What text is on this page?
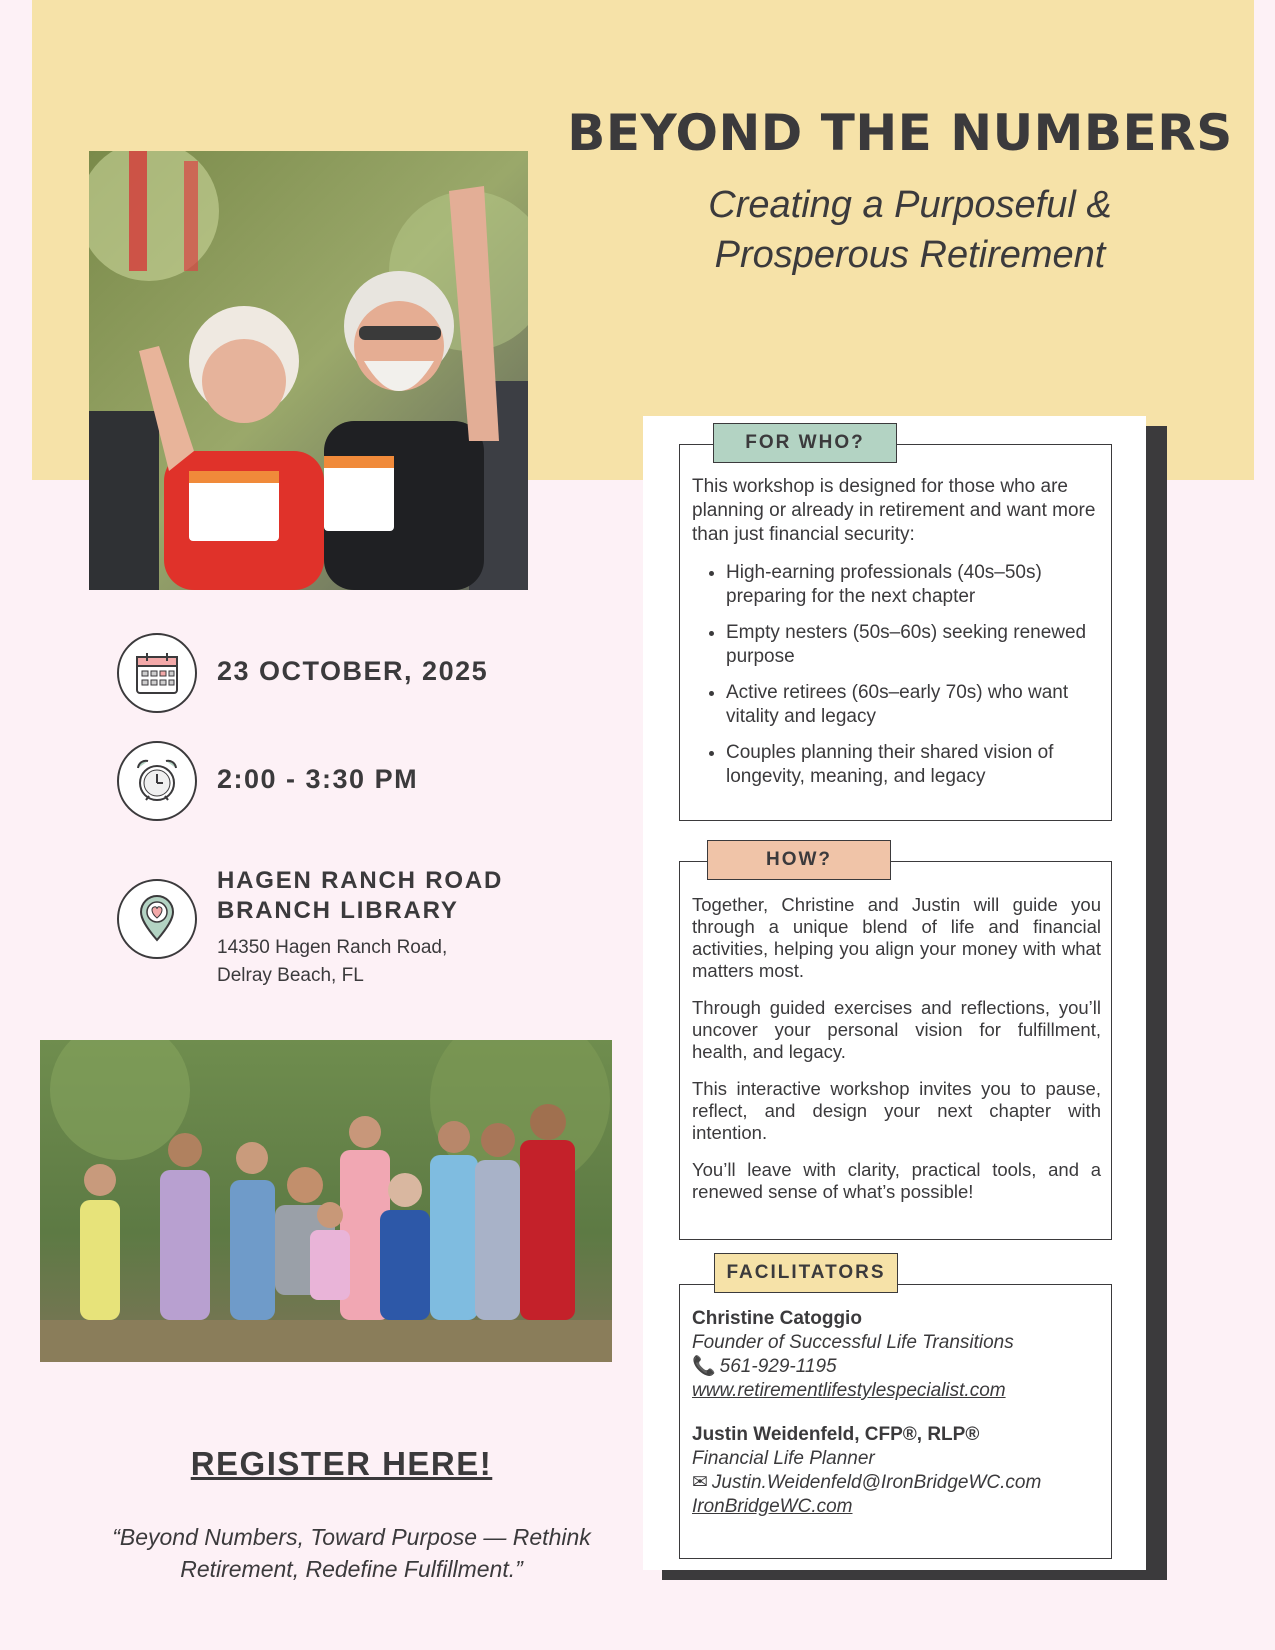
BEYOND THE NUMBERS
Creating a Purposeful &
Prosperous Retirement
23 OCTOBER, 2025
2:00 - 3:30 PM
HAGEN RANCH ROAD
BRANCH LIBRARY
14350 Hagen Ranch Road,
Delray Beach, FL
REGISTER HERE!
“Beyond Numbers, Toward Purpose — Rethink
Retirement, Redefine Fulfillment.”

This workshop is designed for those who are planning or already in retirement and want more than just financial security:

• High-earning professionals (40s–50s) preparing for the next chapter
• Empty nesters (50s–60s) seeking renewed purpose
• Active retirees (60s–early 70s) who want vitality and legacy
• Couples planning their shared vision of longevity, meaning, and legacy
FOR WHO?

Together, Christine and Justin will guide you through a unique blend of life and financial activities, helping you align your money with what matters most.

Through guided exercises and reflections, you’ll uncover your personal vision for fulfillment, health, and legacy.

This interactive workshop invites you to pause, reflect, and design your next chapter with intention.

You’ll leave with clarity, practical tools, and a renewed sense of what’s possible!

HOW?
Christine Catoggio
Founder of Successful Life Transitions
📞 561-929-1195
www.retirementlifestylespecialist.com
Justin Weidenfeld, CFP®, RLP®
Financial Life Planner
✉ Justin.Weidenfeld@IronBridgeWC.com
IronBridgeWC.com
FACILITATORS
